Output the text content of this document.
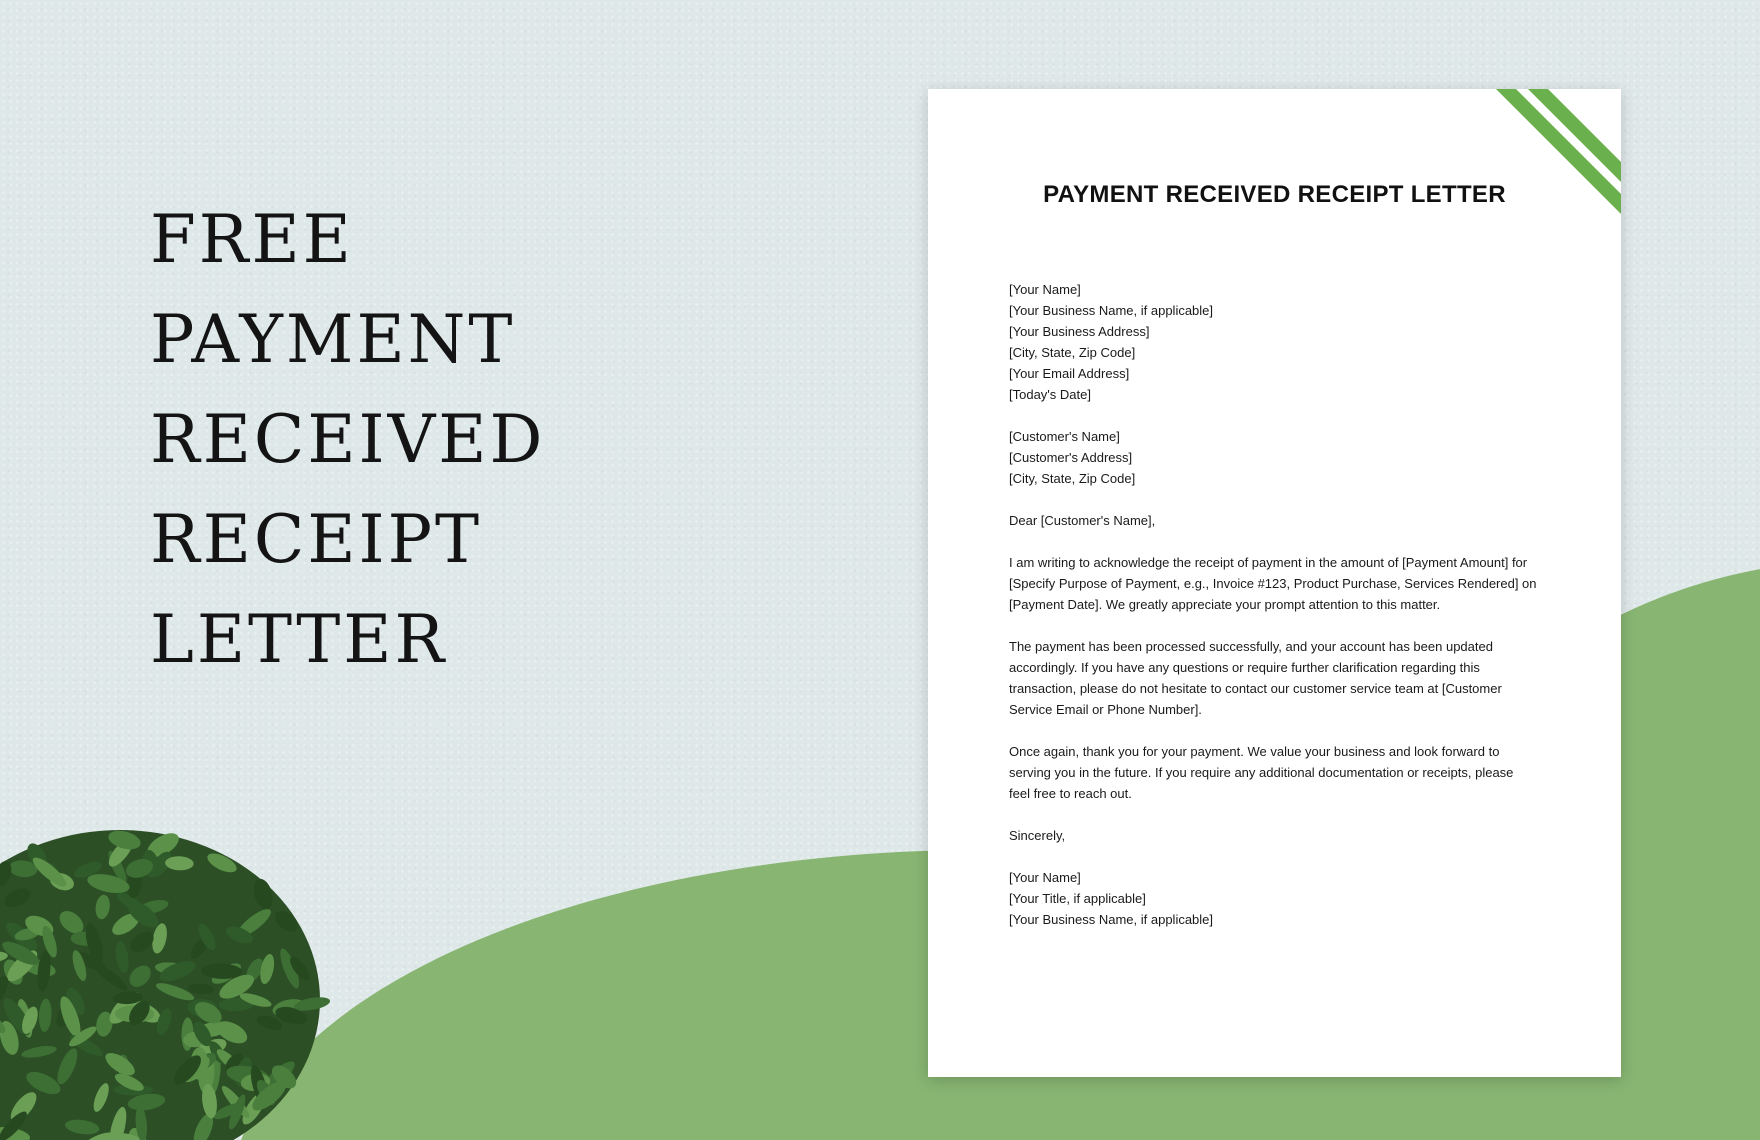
FREE
PAYMENT
RECEIVED
RECEIPT
LETTER
PAYMENT RECEIVED RECEIPT LETTER

[Your Name]
[Your Business Name, if applicable]
[Your Business Address]
[City, State, Zip Code]
[Your Email Address]
[Today's Date]

[Customer's Name]
[Customer's Address]
[City, State, Zip Code]

Dear [Customer's Name],

I am writing to acknowledge the receipt of payment in the amount of [Payment Amount] for
[Specify Purpose of Payment, e.g., Invoice #123, Product Purchase, Services Rendered] on
[Payment Date]. We greatly appreciate your prompt attention to this matter.

The payment has been processed successfully, and your account has been updated
accordingly. If you have any questions or require further clarification regarding this
transaction, please do not hesitate to contact our customer service team at [Customer
Service Email or Phone Number].

Once again, thank you for your payment. We value your business and look forward to
serving you in the future. If you require any additional documentation or receipts, please
feel free to reach out.

Sincerely,

[Your Name]
[Your Title, if applicable]
[Your Business Name, if applicable]
